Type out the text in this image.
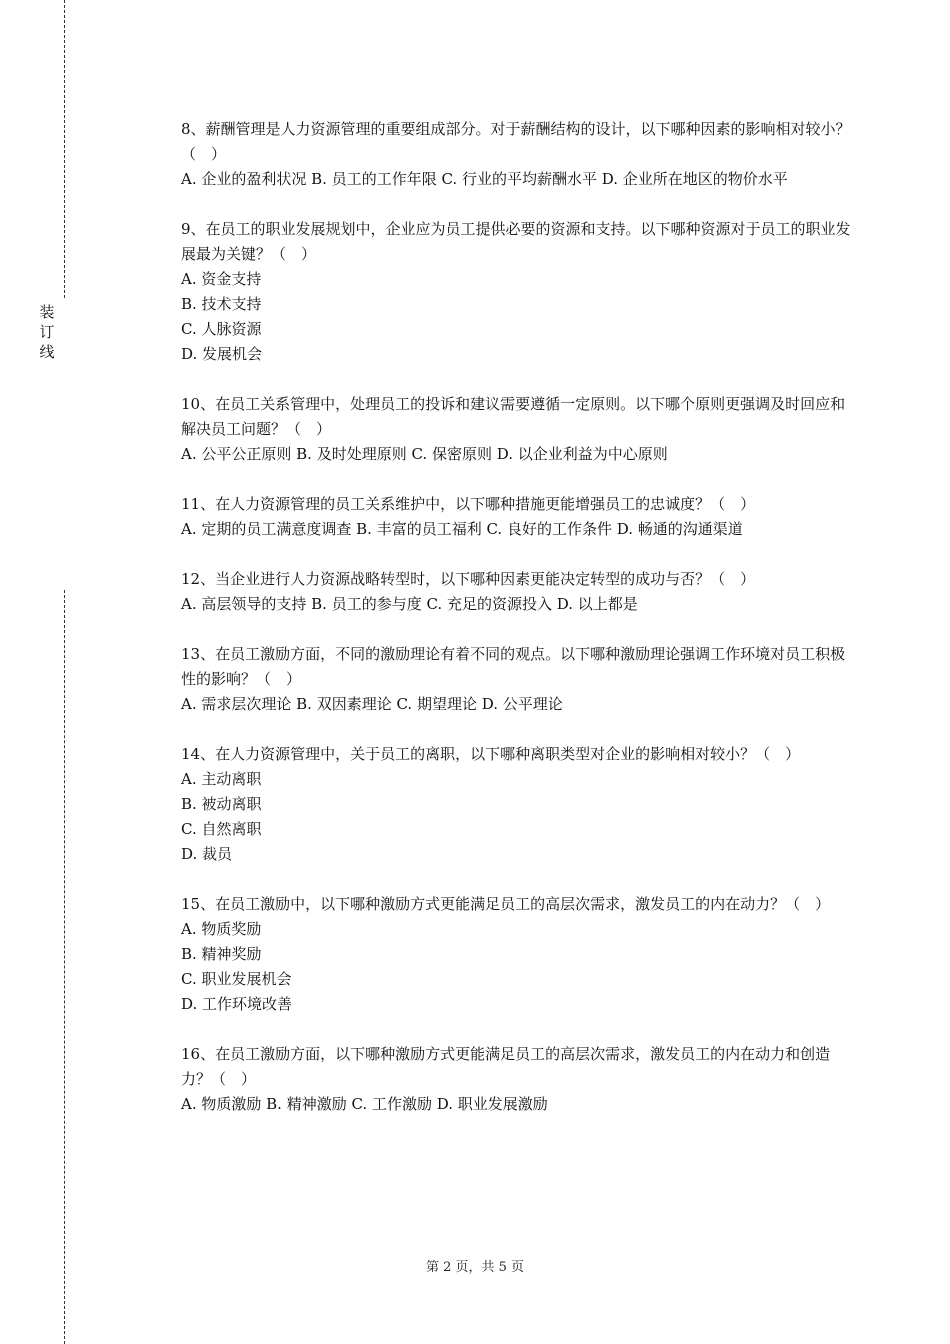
装
订
线

8、薪酬管理是人力资源管理的重要组成部分。对于薪酬结构的设计，以下哪种因素的影响相对较小？（　）

A. 企业的盈利状况 B. 员工的工作年限 C. 行业的平均薪酬水平 D. 企业所在地区的物价水平

9、在员工的职业发展规划中，企业应为员工提供必要的资源和支持。以下哪种资源对于员工的职业发展最为关键？（　）

A. 资金支持

B. 技术支持

C. 人脉资源

D. 发展机会

10、在员工关系管理中，处理员工的投诉和建议需要遵循一定原则。以下哪个原则更强调及时回应和解决员工问题？（　）

A. 公平公正原则 B. 及时处理原则 C. 保密原则 D. 以企业利益为中心原则

11、在人力资源管理的员工关系维护中，以下哪种措施更能增强员工的忠诚度？（　）

A. 定期的员工满意度调查 B. 丰富的员工福利 C. 良好的工作条件 D. 畅通的沟通渠道

12、当企业进行人力资源战略转型时，以下哪种因素更能决定转型的成功与否？（　）

A. 高层领导的支持 B. 员工的参与度 C. 充足的资源投入 D. 以上都是

13、在员工激励方面，不同的激励理论有着不同的观点。以下哪种激励理论强调工作环境对员工积极性的影响？（　）

A. 需求层次理论 B. 双因素理论 C. 期望理论 D. 公平理论

14、在人力资源管理中，关于员工的离职，以下哪种离职类型对企业的影响相对较小？（　）

A. 主动离职

B. 被动离职

C. 自然离职

D. 裁员

15、在员工激励中，以下哪种激励方式更能满足员工的高层次需求，激发员工的内在动力？（　）

A. 物质奖励

B. 精神奖励

C. 职业发展机会

D. 工作环境改善

16、在员工激励方面，以下哪种激励方式更能满足员工的高层次需求，激发员工的内在动力和创造力？（　）

A. 物质激励 B. 精神激励 C. 工作激励 D. 职业发展激励

第 2 页，共 5 页
